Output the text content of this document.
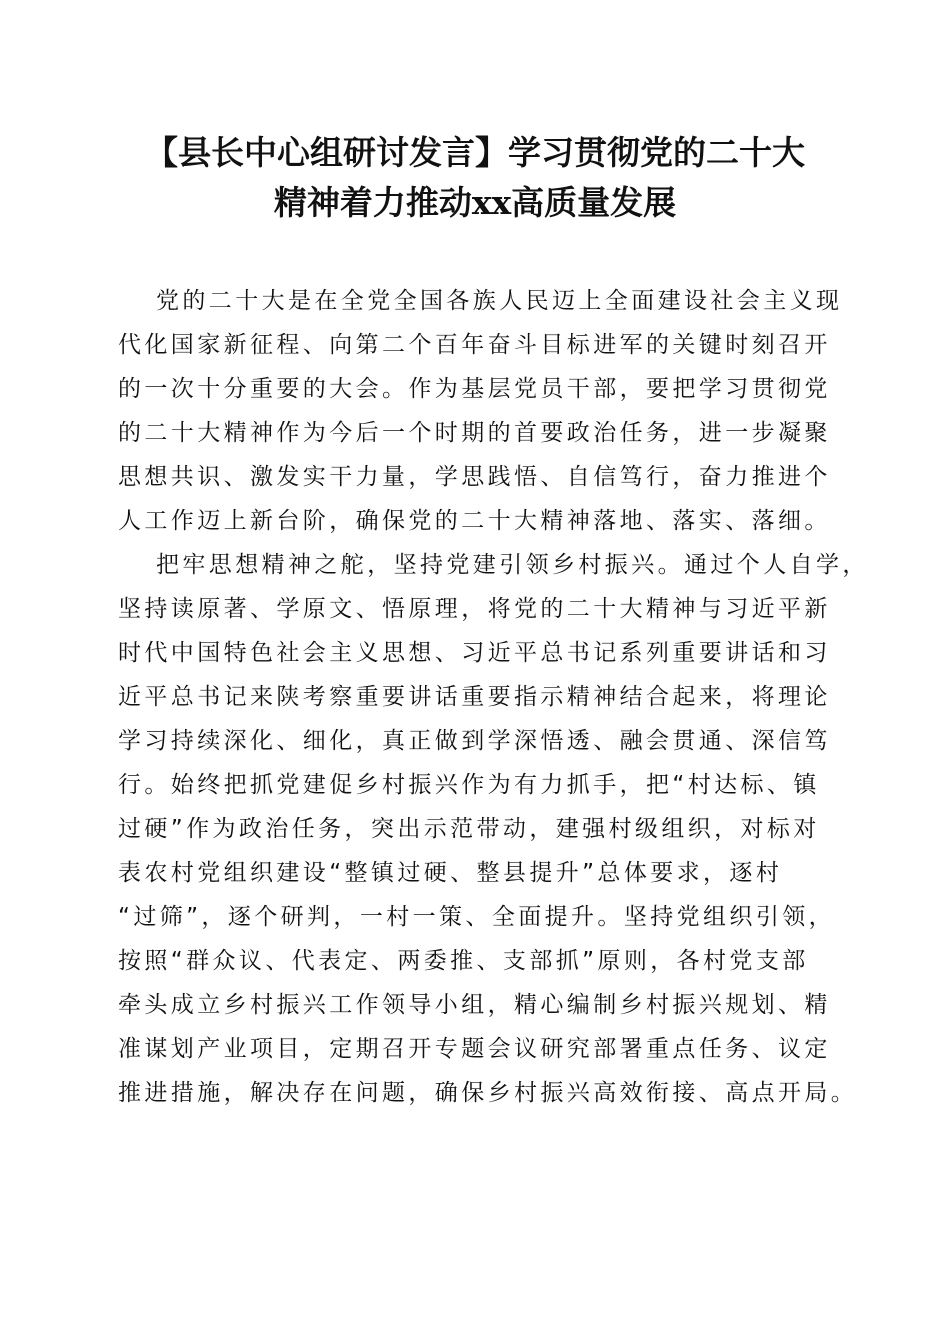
【县长中心组研讨发言】学习贯彻党的二十大
精神着力推动xx高质量发展
党的二十大是在全党全国各族人民迈上全面建设社会主义现
代化国家新征程、向第二个百年奋斗目标进军的关键时刻召开
的一次十分重要的大会。作为基层党员干部，要把学习贯彻党
的二十大精神作为今后一个时期的首要政治任务，进一步凝聚
思想共识、激发实干力量，学思践悟、自信笃行，奋力推进个
人工作迈上新台阶，确保党的二十大精神落地、落实、落细。
把牢思想精神之舵，坚持党建引领乡村振兴。通过个人自学，
坚持读原著、学原文、悟原理，将党的二十大精神与习近平新
时代中国特色社会主义思想、习近平总书记系列重要讲话和习
近平总书记来陕考察重要讲话重要指示精神结合起来，将理论
学习持续深化、细化，真正做到学深悟透、融会贯通、深信笃
行。始终把抓党建促乡村振兴作为有力抓手，把“村达标、镇
过硬”作为政治任务，突出示范带动，建强村级组织，对标对
表农村党组织建设“整镇过硬、整县提升”总体要求，逐村
“过筛”，逐个研判，一村一策、全面提升。坚持党组织引领，
按照“群众议、代表定、两委推、支部抓”原则，各村党支部
牵头成立乡村振兴工作领导小组，精心编制乡村振兴规划、精
准谋划产业项目，定期召开专题会议研究部署重点任务、议定
推进措施，解决存在问题，确保乡村振兴高效衔接、高点开局。
